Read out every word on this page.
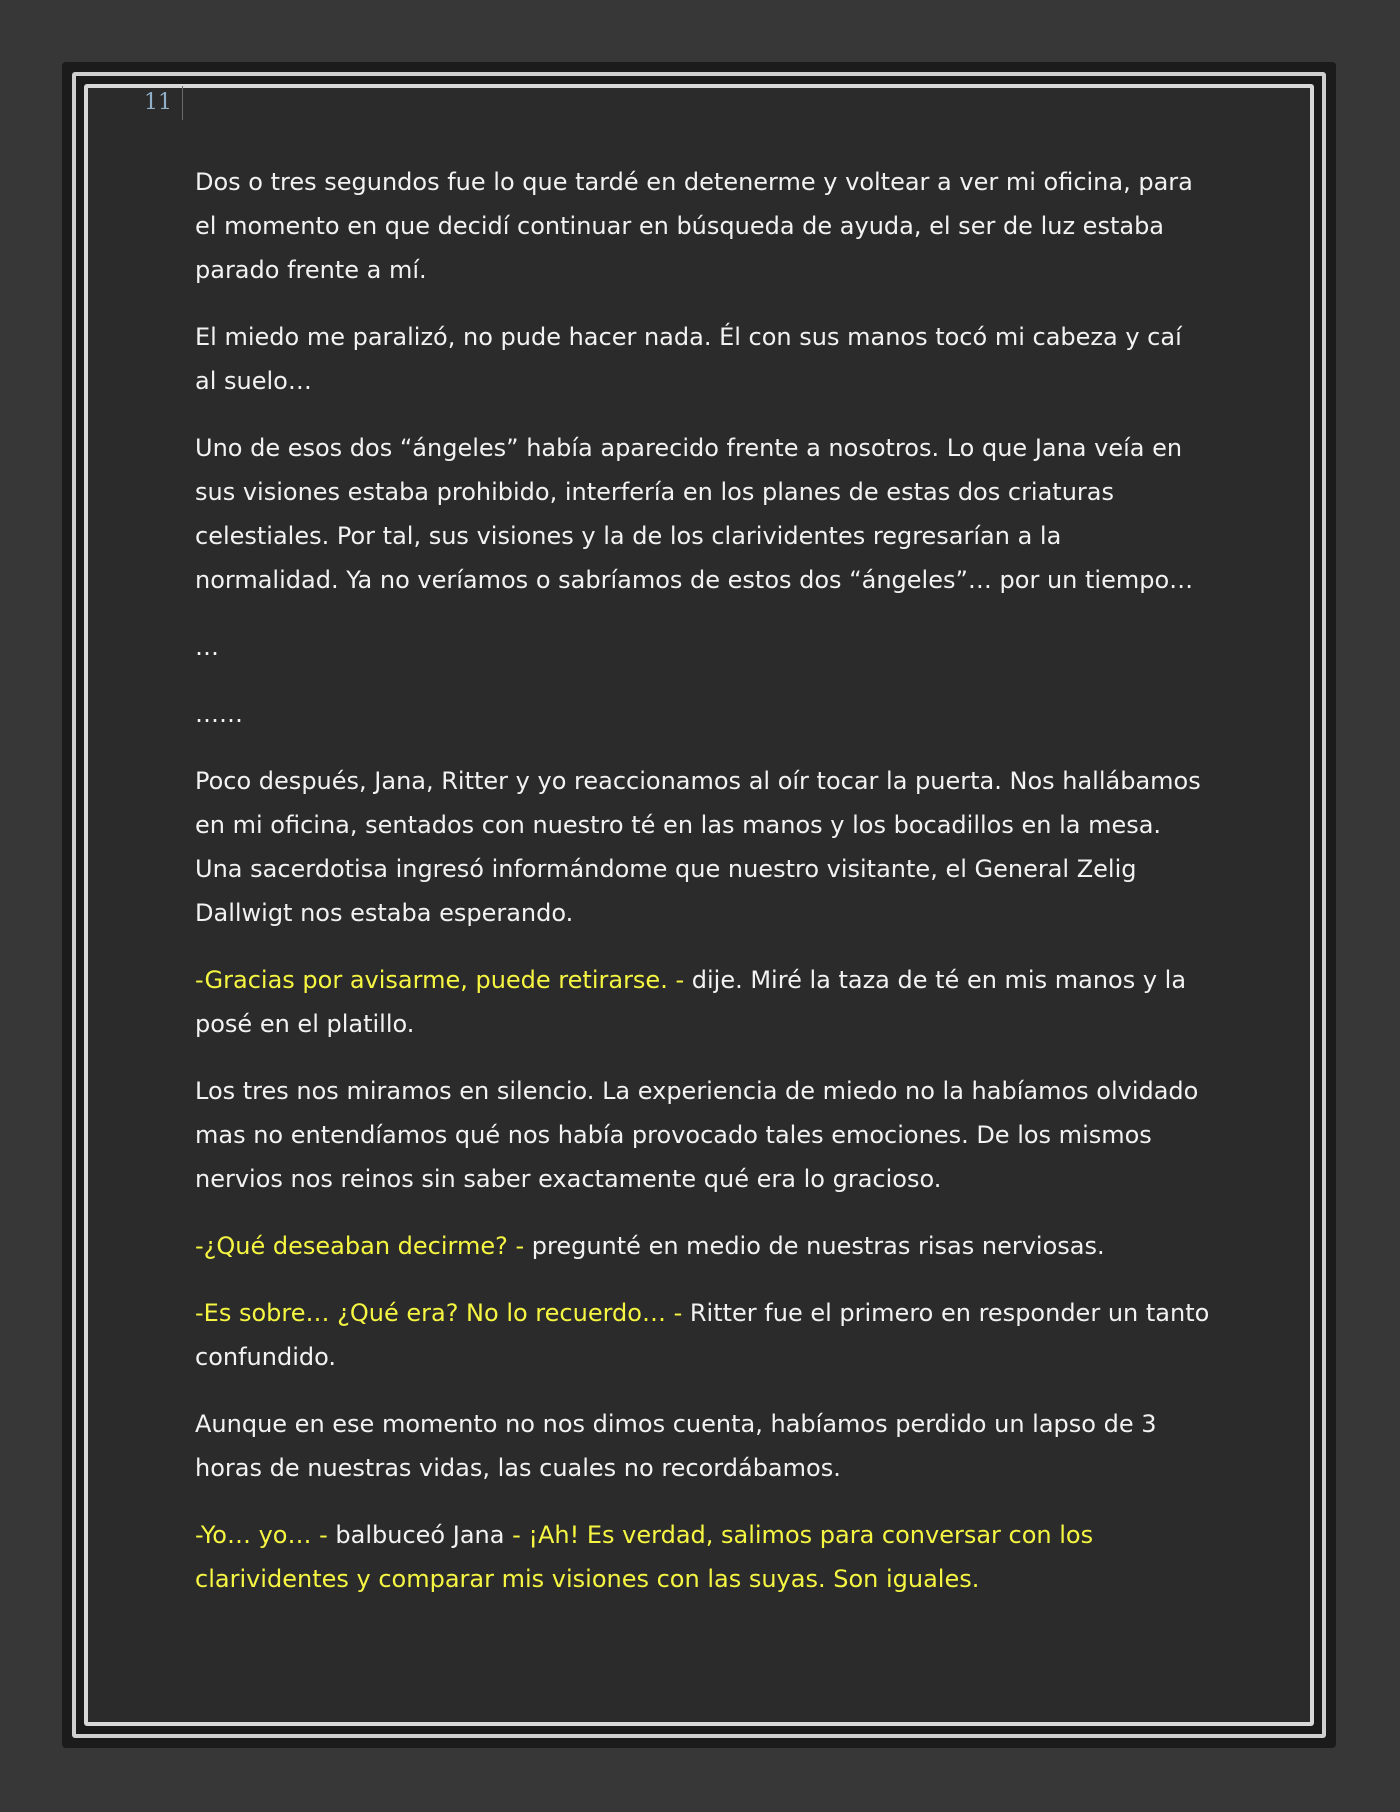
11

Dos o tres segundos fue lo que tardé en detenerme y voltear a ver mi oficina, para el momento en que decidí continuar en búsqueda de ayuda, el ser de luz estaba parado frente a mí.

El miedo me paralizó, no pude hacer nada. Él con sus manos tocó mi cabeza y caí al suelo…

Uno de esos dos “ángeles” había aparecido frente a nosotros. Lo que Jana veía en sus visiones estaba prohibido, interfería en los planes de estas dos criaturas celestiales. Por tal, sus visiones y la de los clarividentes regresarían a la normalidad. Ya no veríamos o sabríamos de estos dos “ángeles”… por un tiempo…

…

……

Poco después, Jana, Ritter y yo reaccionamos al oír tocar la puerta. Nos hallábamos en mi oficina, sentados con nuestro té en las manos y los bocadillos en la mesa. Una sacerdotisa ingresó informándome que nuestro visitante, el General Zelig Dallwigt nos estaba esperando.

-Gracias por avisarme, puede retirarse. - dije. Miré la taza de té en mis manos y la posé en el platillo.

Los tres nos miramos en silencio. La experiencia de miedo no la habíamos olvidado mas no entendíamos qué nos había provocado tales emociones. De los mismos nervios nos reinos sin saber exactamente qué era lo gracioso.

-¿Qué deseaban decirme? - pregunté en medio de nuestras risas nerviosas.

-Es sobre… ¿Qué era? No lo recuerdo… - Ritter fue el primero en responder un tanto confundido.

Aunque en ese momento no nos dimos cuenta, habíamos perdido un lapso de 3 horas de nuestras vidas, las cuales no recordábamos.

-Yo… yo… - balbuceó Jana - ¡Ah! Es verdad, salimos para conversar con los clarividentes y comparar mis visiones con las suyas. Son iguales.
